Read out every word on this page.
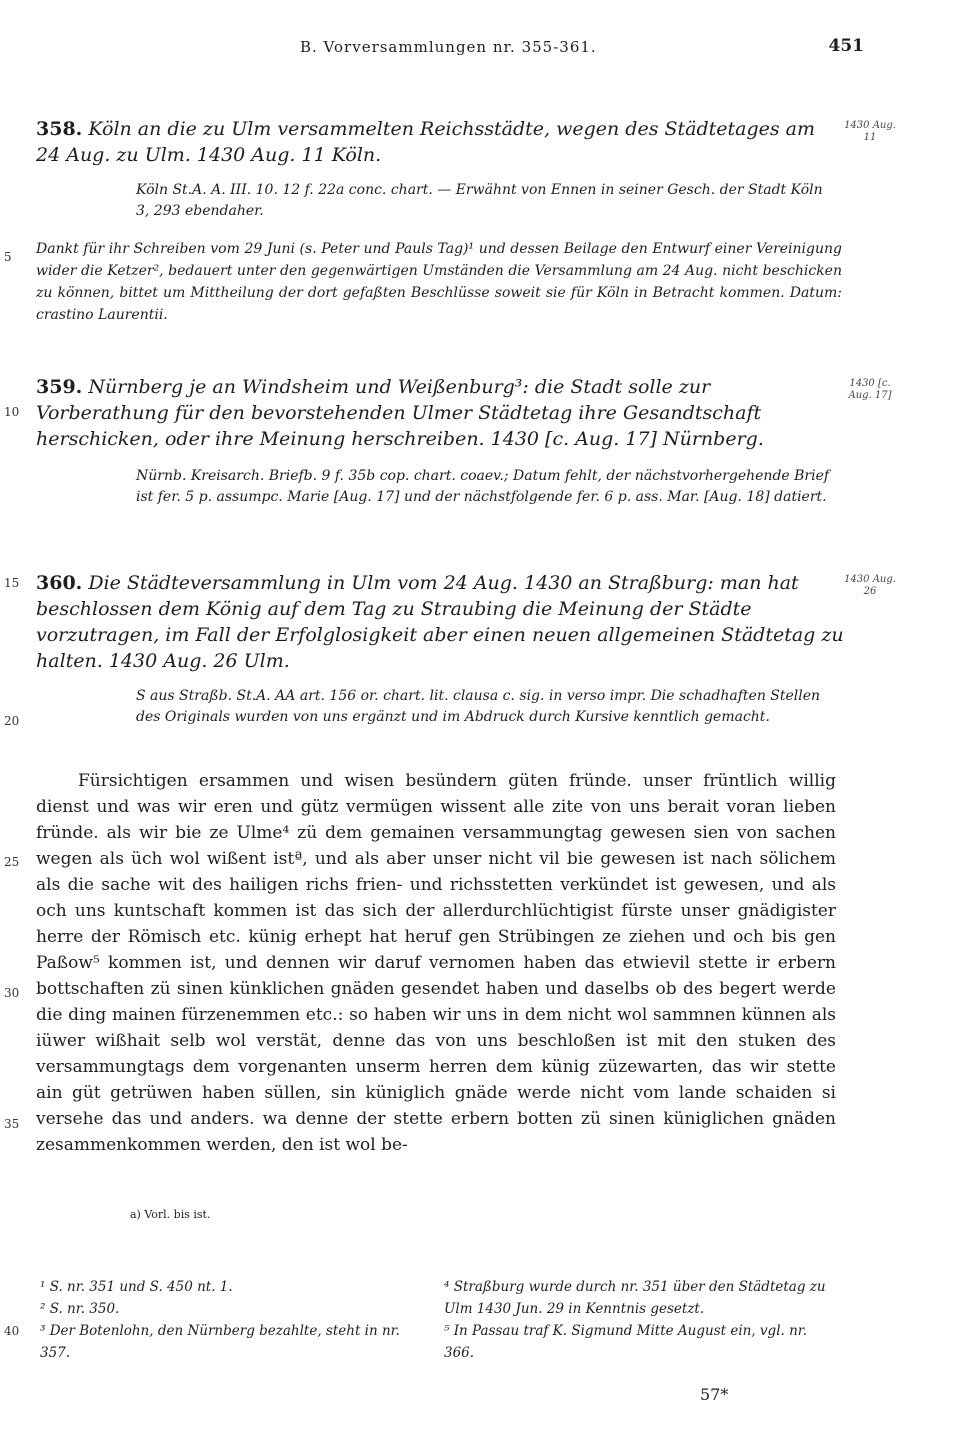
B. Vorversammlungen nr. 355-361.	451
5
10
15
20
25
30
35
40
358. Köln an die zu Ulm versammelten Reichsstädte, wegen des Städtetages am 24 Aug. zu Ulm. 1430 Aug. 11 Köln.
1430 Aug. 11
Köln St.A. A. III. 10. 12 f. 22a conc. chart. — Erwähnt von Ennen in seiner Gesch. der Stadt Köln 3, 293 ebendaher.
Dankt für ihr Schreiben vom 29 Juni (s. Peter und Pauls Tag)¹ und dessen Beilage den Entwurf einer Vereinigung wider die Ketzer², bedauert unter den gegenwärtigen Umständen die Versammlung am 24 Aug. nicht beschicken zu können, bittet um Mittheilung der dort gefaßten Beschlüsse soweit sie für Köln in Betracht kommen. Datum: crastino Laurentii.
359. Nürnberg je an Windsheim und Weißenburg³: die Stadt solle zur Vorberathung für den bevorstehenden Ulmer Städtetag ihre Gesandtschaft herschicken, oder ihre Meinung herschreiben. 1430 [c. Aug. 17] Nürnberg.
1430 [c. Aug. 17]
Nürnb. Kreisarch. Briefb. 9 f. 35b cop. chart. coaev.; Datum fehlt, der nächstvorhergehende Brief ist fer. 5 p. assumpc. Marie [Aug. 17] und der nächstfolgende fer. 6 p. ass. Mar. [Aug. 18] datiert.
360. Die Städteversammlung in Ulm vom 24 Aug. 1430 an Straßburg: man hat beschlossen dem König auf dem Tag zu Straubing die Meinung der Städte vorzutragen, im Fall der Erfolglosigkeit aber einen neuen allgemeinen Städtetag zu halten. 1430 Aug. 26 Ulm.
1430 Aug. 26
S aus Straßb. St.A. AA art. 156 or. chart. lit. clausa c. sig. in verso impr. Die schadhaften Stellen des Originals wurden von uns ergänzt und im Abdruck durch Kursive kenntlich gemacht.

Fürsichtigen ersammen und wisen besündern güten fründe. unser früntlich willig dienst und was wir eren und gütz vermügen wissent alle zite von uns berait voran lieben fründe. als wir bie ze Ulme⁴ zü dem gemainen versammungtag gewesen sien von sachen wegen als üch wol wißent istª, und als aber unser nicht vil bie gewesen ist nach sölichem als die sache wit des hailigen richs frien- und richsstetten verkündet ist gewesen, und als och uns kuntschaft kommen ist das sich der allerdurchlüchtigist fürste unser gnädigister herre der Römisch etc. künig erhept hat heruf gen Strübingen ze ziehen und och bis gen Paßow⁵ kommen ist, und dennen wir daruf vernomen haben das etwievil stette ir erbern bottschaften zü sinen künklichen gnäden gesendet haben und daselbs ob des begert werde die ding mainen fürzenemmen etc.: so haben wir uns in dem nicht wol sammnen künnen als iüwer wißhait selb wol verstät, denne das von uns beschloßen ist mit den stuken des versammungtags dem vorgenanten unserm herren dem künig züzewarten, das wir stette ain güt getrüwen haben süllen, sin küniglich gnäde werde nicht vom lande schaiden si versehe das und anders. wa denne der stette erbern botten zü sinen küniglichen gnäden zesammenkommen werden, den ist wol be-

a) Vorl. bis ist.

¹ S. nr. 351 und S. 450 nt. 1.

² S. nr. 350.

³ Der Botenlohn, den Nürnberg bezahlte, steht in nr. 357.

⁴ Straßburg wurde durch nr. 351 über den Städtetag zu Ulm 1430 Jun. 29 in Kenntnis gesetzt.

⁵ In Passau traf K. Sigmund Mitte August ein, vgl. nr. 366.

57*
